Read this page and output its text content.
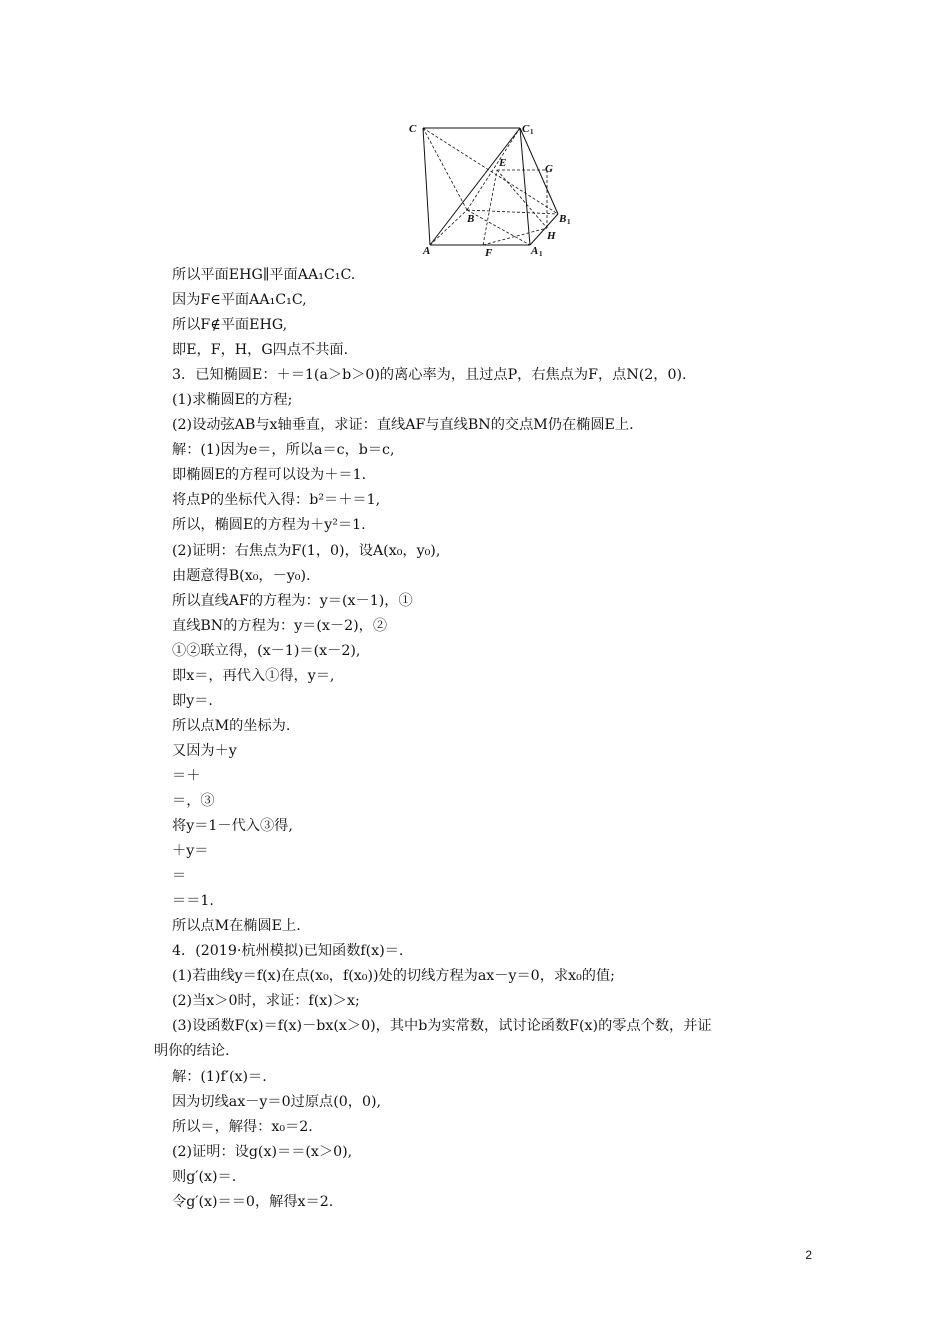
C	C 1
E	G
B	B 1
H
A	F	A 1
所以平面EHG∥平面AA₁C₁C.
因为F∈平面AA₁C₁C,
所以F∉平面EHG,
即E，F，H，G四点不共面.
3．已知椭圆E：＋＝1(a＞b＞0)的离心率为，且过点P，右焦点为F，点N(2，0).
(1)求椭圆E的方程;
(2)设动弦AB与x轴垂直，求证：直线AF与直线BN的交点M仍在椭圆E上.
解：(1)因为e＝，所以a＝c，b＝c,
即椭圆E的方程可以设为＋＝1.
将点P的坐标代入得：b²＝＋＝1,
所以，椭圆E的方程为＋y²＝1.
(2)证明：右焦点为F(1，0)，设A(x₀，y₀),
由题意得B(x₀，－y₀).
所以直线AF的方程为：y＝(x－1)，①
直线BN的方程为：y＝(x－2)，②
①②联立得，(x－1)＝(x－2),
即x＝，再代入①得，y＝,
即y＝.
所以点M的坐标为.
又因为＋y
＝＋
＝，③
将y＝1－代入③得,
＋y＝
＝
＝＝1.
所以点M在椭圆E上.
4．(2019·杭州模拟)已知函数f(x)＝.
(1)若曲线y＝f(x)在点(x₀，f(x₀))处的切线方程为ax－y＝0，求x₀的值;
(2)当x＞0时，求证：f(x)＞x;
(3)设函数F(x)＝f(x)－bx(x＞0)，其中b为实常数，试讨论函数F(x)的零点个数，并证
明你的结论.
解：(1)f′(x)＝.
因为切线ax－y＝0过原点(0，0),
所以＝，解得：x₀＝2.
(2)证明：设g(x)＝＝(x＞0),
则g′(x)＝.
令g′(x)＝＝0，解得x＝2.
2
